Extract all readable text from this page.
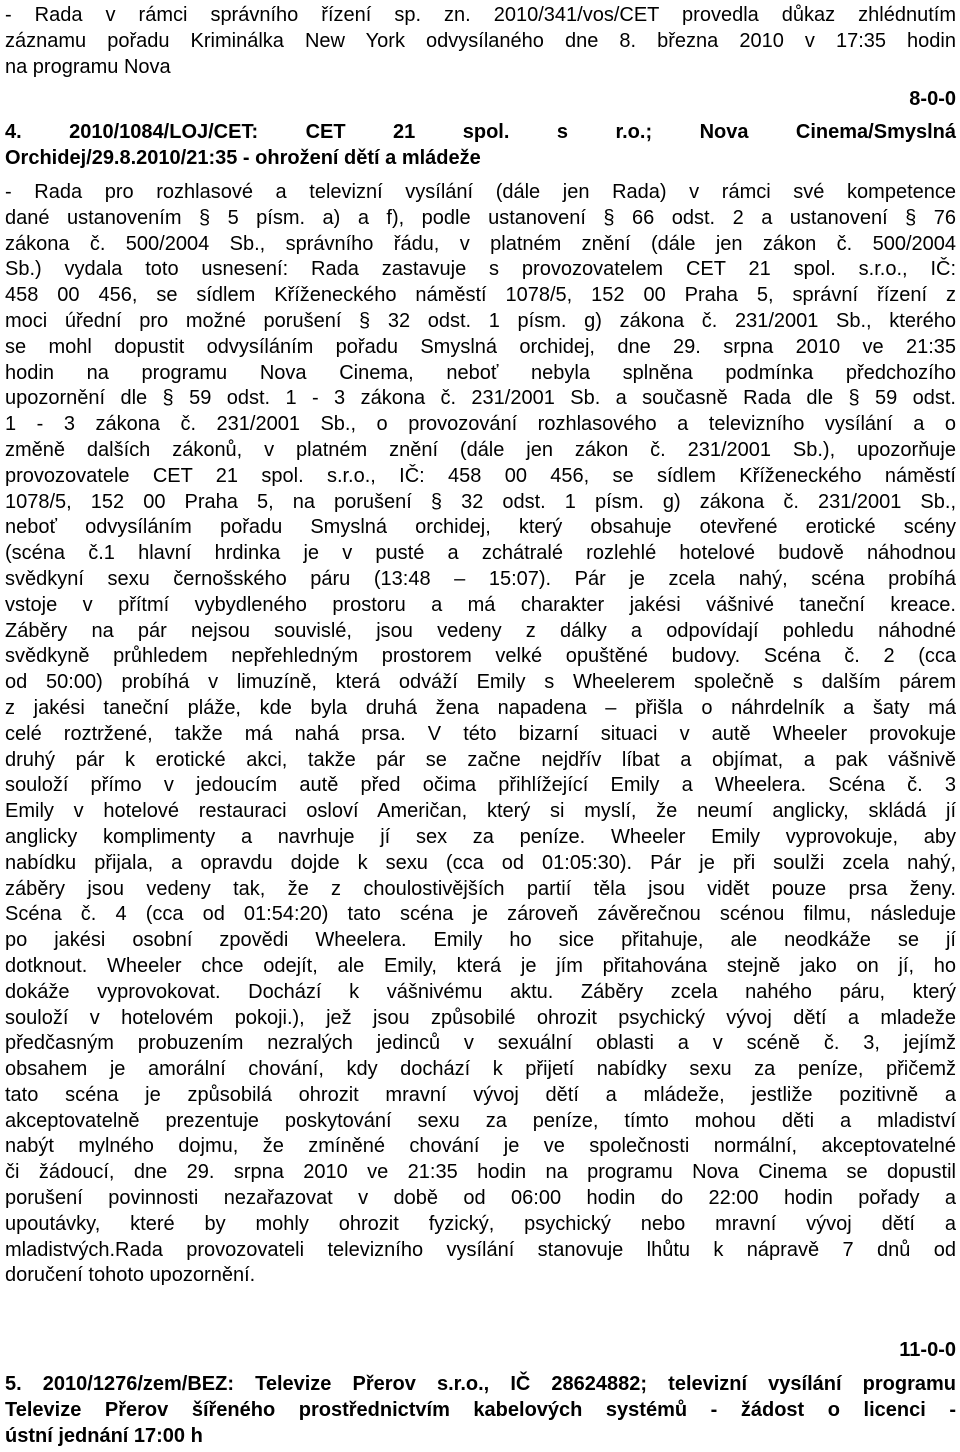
- Rada v rámci správního řízení sp. zn. 2010/341/vos/CET provedla důkaz zhlédnutím
záznamu pořadu Kriminálka New York odvysílaného dne 8. března 2010 v 17:35 hodin
na programu Nova
8-0-0
4. 2010/1084/LOJ/CET: CET 21 spol. s r.o.; Nova Cinema/Smyslná
Orchidej/29.8.2010/21:35 - ohrožení dětí a mládeže
- Rada pro rozhlasové a televizní vysílání (dále jen Rada) v rámci své kompetence
dané ustanovením § 5 písm. a) a f), podle ustanovení § 66 odst. 2 a ustanovení § 76
zákona č. 500/2004 Sb., správního řádu, v platném znění (dále jen zákon č. 500/2004
Sb.) vydala toto usnesení: Rada zastavuje s provozovatelem CET 21 spol. s.r.o., IČ:
458 00 456, se sídlem Kříženeckého náměstí 1078/5, 152 00 Praha 5, správní řízení z
moci úřední pro možné porušení § 32 odst. 1 písm. g) zákona č. 231/2001 Sb., kterého
se mohl dopustit odvysíláním pořadu Smyslná orchidej, dne 29. srpna 2010 ve 21:35
hodin na programu Nova Cinema, neboť nebyla splněna podmínka předchozího
upozornění dle § 59 odst. 1 - 3 zákona č. 231/2001 Sb. a současně Rada dle § 59 odst.
1 - 3 zákona č. 231/2001 Sb., o provozování rozhlasového a televizního vysílání a o
změně dalších zákonů, v platném znění (dále jen zákon č. 231/2001 Sb.), upozorňuje
provozovatele CET 21 spol. s.r.o., IČ: 458 00 456, se sídlem Kříženeckého náměstí
1078/5, 152 00 Praha 5, na porušení § 32 odst. 1 písm. g) zákona č. 231/2001 Sb.,
neboť odvysíláním pořadu Smyslná orchidej, který obsahuje otevřené erotické scény
(scéna č.1 hlavní hrdinka je v pusté a zchátralé rozlehlé hotelové budově náhodnou
svědkyní sexu černošského páru (13:48 – 15:07). Pár je zcela nahý, scéna probíhá
vstoje v přítmí vybydleného prostoru a má charakter jakési vášnivé taneční kreace.
Záběry na pár nejsou souvislé, jsou vedeny z dálky a odpovídají pohledu náhodné
svědkyně průhledem nepřehledným prostorem velké opuštěné budovy. Scéna č. 2 (cca
od 50:00) probíhá v limuzíně, která odváží Emily s Wheelerem společně s dalším párem
z jakési taneční pláže, kde byla druhá žena napadena – přišla o náhrdelník a šaty má
celé roztržené, takže má nahá prsa. V této bizarní situaci v autě Wheeler provokuje
druhý pár k erotické akci, takže pár se začne nejdřív líbat a objímat, a pak vášnivě
souloží přímo v jedoucím autě před očima přihlížející Emily a Wheelera. Scéna č. 3
Emily v hotelové restauraci osloví Američan, který si myslí, že neumí anglicky, skládá jí
anglicky komplimenty a navrhuje jí sex za peníze. Wheeler Emily vyprovokuje, aby
nabídku přijala, a opravdu dojde k sexu (cca od 01:05:30). Pár je při soulži zcela nahý,
záběry jsou vedeny tak, že z choulostivějších partií těla jsou vidět pouze prsa ženy.
Scéna č. 4 (cca od 01:54:20) tato scéna je zároveň závěrečnou scénou filmu, následuje
po jakési osobní zpovědi Wheelera. Emily ho sice přitahuje, ale neodkáže se jí
dotknout. Wheeler chce odejít, ale Emily, která je jím přitahována stejně jako on jí, ho
dokáže vyprovokovat. Dochází k vášnivému aktu. Záběry zcela nahého páru, který
souloží v hotelovém pokoji.), jež jsou způsobilé ohrozit psychický vývoj dětí a mladeže
předčasným probuzením nezralých jedinců v sexuální oblasti a v scéně č. 3, jejímž
obsahem je amorální chování, kdy dochází k přijetí nabídky sexu za peníze, přičemž
tato scéna je způsobilá ohrozit mravní vývoj dětí a mládeže, jestliže pozitivně a
akceptovatelně prezentuje poskytování sexu za peníze, tímto mohou děti a mladiství
nabýt mylného dojmu, že zmíněné chování je ve společnosti normální, akceptovatelné
či žádoucí, dne 29. srpna 2010 ve 21:35 hodin na programu Nova Cinema se dopustil
porušení povinnosti nezařazovat v době od 06:00 hodin do 22:00 hodin pořady a
upoutávky, které by mohly ohrozit fyzický, psychický nebo mravní vývoj dětí a
mladistvých.Rada provozovateli televizního vysílání stanovuje lhůtu k nápravě 7 dnů od
doručení tohoto upozornění.
11-0-0
5. 2010/1276/zem/BEZ: Televize Přerov s.r.o., IČ 28624882; televizní vysílání programu
Televize Přerov šířeného prostřednictvím kabelových systémů - žádost o licenci -
ústní jednání 17:00 h
